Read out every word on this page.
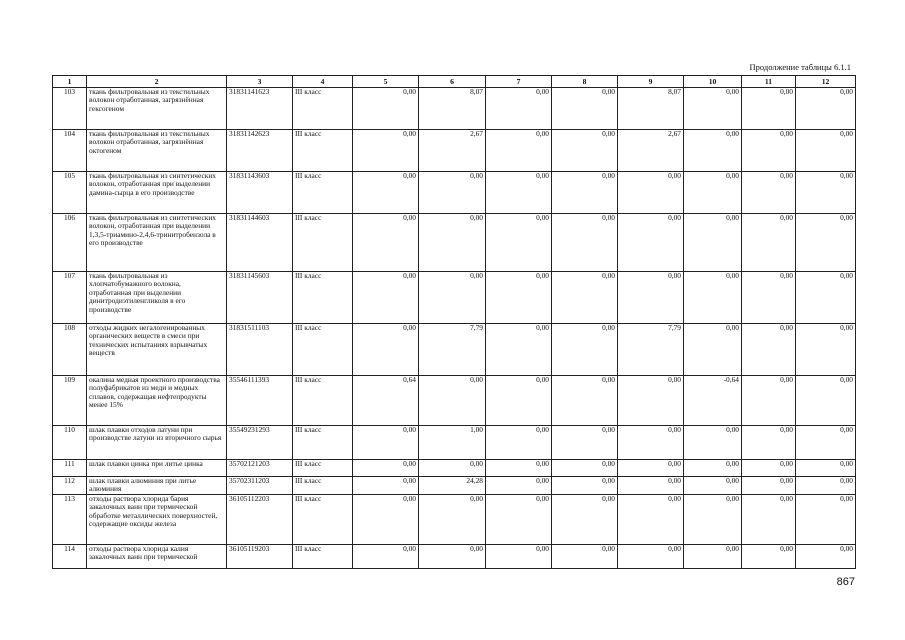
Продолжение таблицы 6.1.1
1	2	3	4	5	6	7	8	9	10	11	12
103	ткань фильтровальная из текстильных волокон отработанная, загрязнённая гексогеном	31831141623	III класс	0,00	8,07	0,00	0,00	8,07	0,00	0,00	0,00
104	ткань фильтровальная из текстильных волокон отработанная, загрязнённая октогеном	31831142623	III класс	0,00	2,67	0,00	0,00	2,67	0,00	0,00	0,00
105	ткань фильтровальная из синтетических волокон, отработанная при выделении дамина-сырца в его производстве	31831143603	III класс	0,00	0,00	0,00	0,00	0,00	0,00	0,00	0,00
106	ткань фильтровальная из синтетических волокон, отработанная при выделении 1,3,5-триамино-2,4,6-тринитробензола в его производстве	31831144603	III класс	0,00	0,00	0,00	0,00	0,00	0,00	0,00	0,00
107	ткань фильтровальная из хлопчатобумажного волокна, отработанная при выделении динитродиэтиленгликоля в его производстве	31831145603	III класс	0,00	0,00	0,00	0,00	0,00	0,00	0,00	0,00
108	отходы жидких негалогенированных органических веществ в смеси при технических испытаниях взрывчатых веществ	31831511103	III класс	0,00	7,79	0,00	0,00	7,79	0,00	0,00	0,00
109	окалина медная проектного производства полуфабрикатов из меди и медных сплавов, содержащая нефтепродукты менее 15%	35546111393	III класс	0,64	0,00	0,00	0,00	0,00	-0,64	0,00	0,00
110	шлак плавки отходов латуни при производстве латуни из вторичного сырья	35549231293	III класс	0,00	1,00	0,00	0,00	0,00	0,00	0,00	0,00
111	шлак плавки цинка при литье цинка	35702121203	III класс	0,00	0,00	0,00	0,00	0,00	0,00	0,00	0,00
112	шлак плавки алюминия при литье алюминия	35702311203	III класс	0,00	24,28	0,00	0,00	0,00	0,00	0,00	0,00
113	отходы раствора хлорида бария закалочных ванн при термической обработке металлических поверхностей, содержащие оксиды железа	36105112203	III класс	0,00	0,00	0,00	0,00	0,00	0,00	0,00	0,00
114	отходы раствора хлорида калия закалочных ванн при термической	36105119203	III класс	0,00	0,00	0,00	0,00	0,00	0,00	0,00	0,00
867
